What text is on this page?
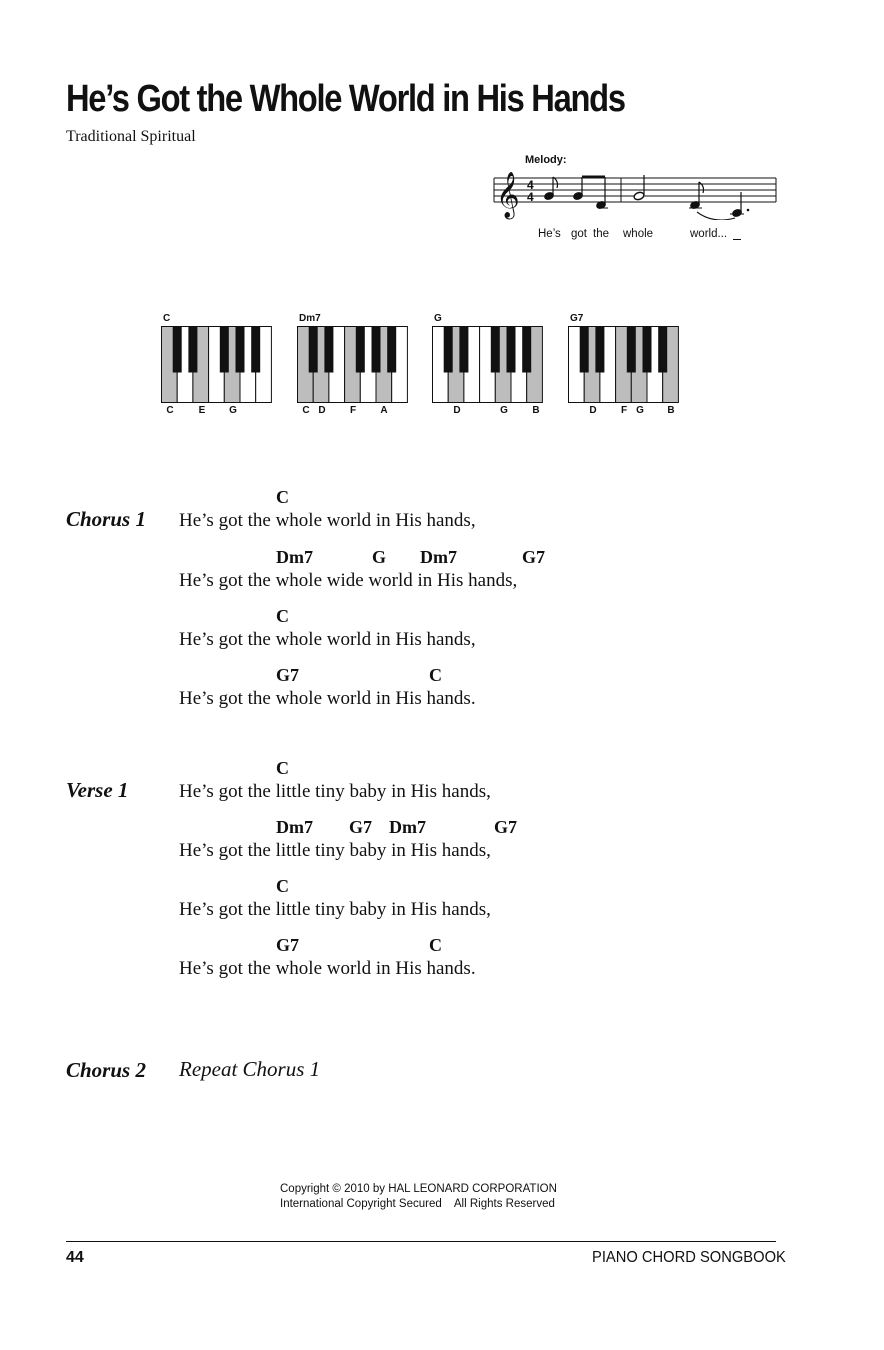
He’s Got the Whole World in His Hands
Traditional Spiritual
Melody:
𝄞 4
4
He’s got the whole	world...
C	Dm7	G	G7
C	E G	C D F A	D	G B	D F G B
Chorus 1
C
He’s got the whole world in His hands,
Dm7	G Dm7	G7
He’s got the whole wide world in His hands,
C
He’s got the whole world in His hands,
G7	C
He’s got the whole world in His hands.
Verse 1
C
He’s got the little tiny baby in His hands,
Dm7 G7 Dm7	G7
He’s got the little tiny baby in His hands,
C
He’s got the little tiny baby in His hands,
G7	C
He’s got the whole world in His hands.
Chorus 2 Repeat Chorus 1
Copyright © 2010 by HAL LEONARD CORPORATION
International Copyright Secured    All Rights Reserved
44	PIANO CHORD SONGBOOK
